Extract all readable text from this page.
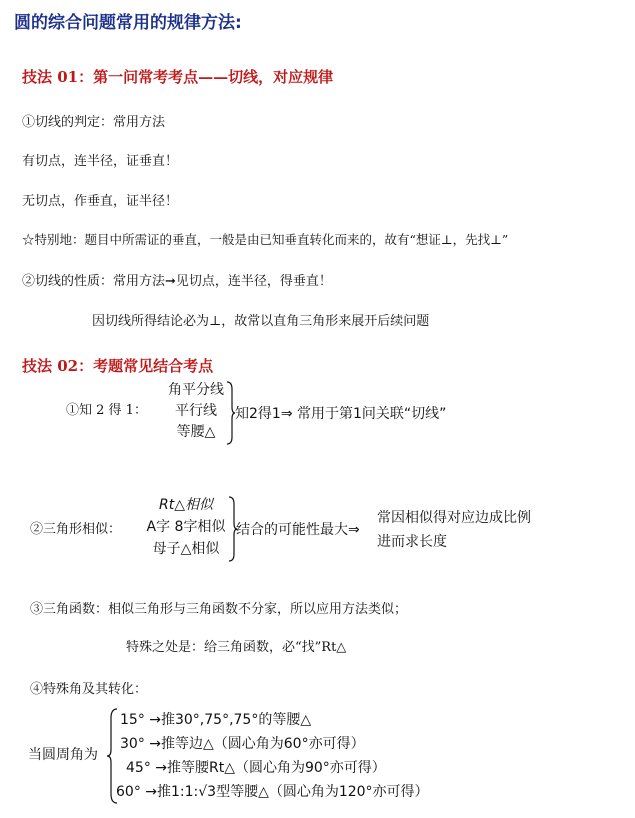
圆的综合问题常用的规律方法:
技法 01：第一问常考考点——切线，对应规律
①切线的判定：常用方法
有切点，连半径，证垂直！
无切点，作垂直，证半径！
☆特别地：题目中所需证的垂直，一般是由已知垂直转化而来的，故有“想证⊥，先找⊥”
②切线的性质：常用方法➞见切点，连半径，得垂直！
因切线所得结论必为⊥，故常以直角三角形来展开后续问题
技法 02：考题常见结合考点
①知 2 得 1：
角平分线
平行线
等腰△
知2得1⇒ 常用于第1问关联“切线”
②三角形相似：
Rt△相似
A字 8字相似
母子△相似
结合的可能性最大⇒
常因相似得对应边成比例
进而求长度
③三角函数：相似三角形与三角函数不分家，所以应用方法类似；
特殊之处是：给三角函数，必“找”Rt△
④特殊角及其转化：
当圆周角为
15° →推30°,75°,75°的等腰△
30° →推等边△（圆心角为60°亦可得）
45° →推等腰Rt△（圆心角为90°亦可得）
60° →推1:1:√3型等腰△（圆心角为120°亦可得）
